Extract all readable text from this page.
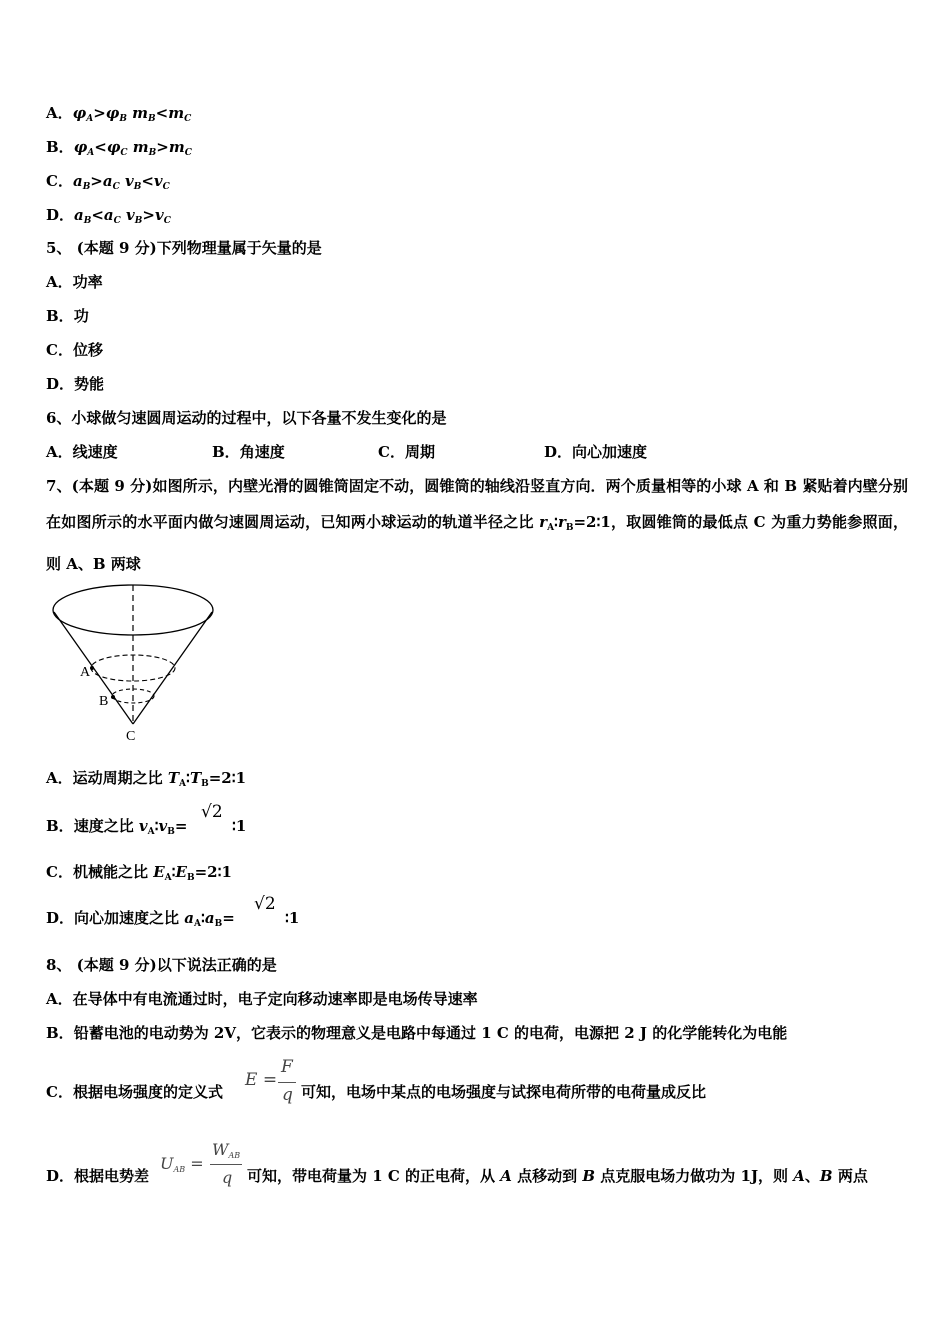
A．$\varphi_A>\varphi_B$ $m_B<m_C$
B．$\varphi_A<\varphi_C$ $m_B>m_C$
C．$a_B>a_C$ $v_B<v_C$
D．$a_B<a_C$ $v_B>v_C$
5、 (本题 9 分)下列物理量属于矢量的是
A．功率
B．功
C．位移
D．势能
6、小球做匀速圆周运动的过程中，以下各量不发生变化的是
A．线速度	B．角速度	C．周期	D．向心加速度
7、(本题 9 分)如图所示，内壁光滑的圆锥筒固定不动，圆锥筒的轴线沿竖直方向．两个质量相等的小球 A 和 B 紧贴着内壁分别在如图所示的水平面内做匀速圆周运动，已知两小球运动的轨道半径之比 $r_A∶r_B=2∶1$，取圆锥筒的最低点 C 为重力势能参照面，则 A、B 两球
A
B
C
A．运动周期之比 $T_A∶T_B=2∶1$
B．速度之比 $v_A∶v_B=$
√2
∶1
C．机械能之比 $E_A∶E_B=2∶1$
D．向心加速度之比 $a_A∶a_B=$
√2
∶1
8、 (本题 9 分)以下说法正确的是
A．在导体中有电流通过时，电子定向移动速率即是电场传导速率
B．铅蓄电池的电动势为 2V，它表示的物理意义是电路中每通过 1 C 的电荷，电源把 2 J 的化学能转化为电能
C．根据电场强度的定义式
E =
F
q 可知，电场中某点的电场强度与试探电荷所带的电荷量成反比
D．根据电势差
$U_{AB}$ =
$W_{AB}$
q 可知，带电荷量为 1 C 的正电荷，从 A 点移动到 B 点克服电场力做功为 1J，则 A、B 两点
